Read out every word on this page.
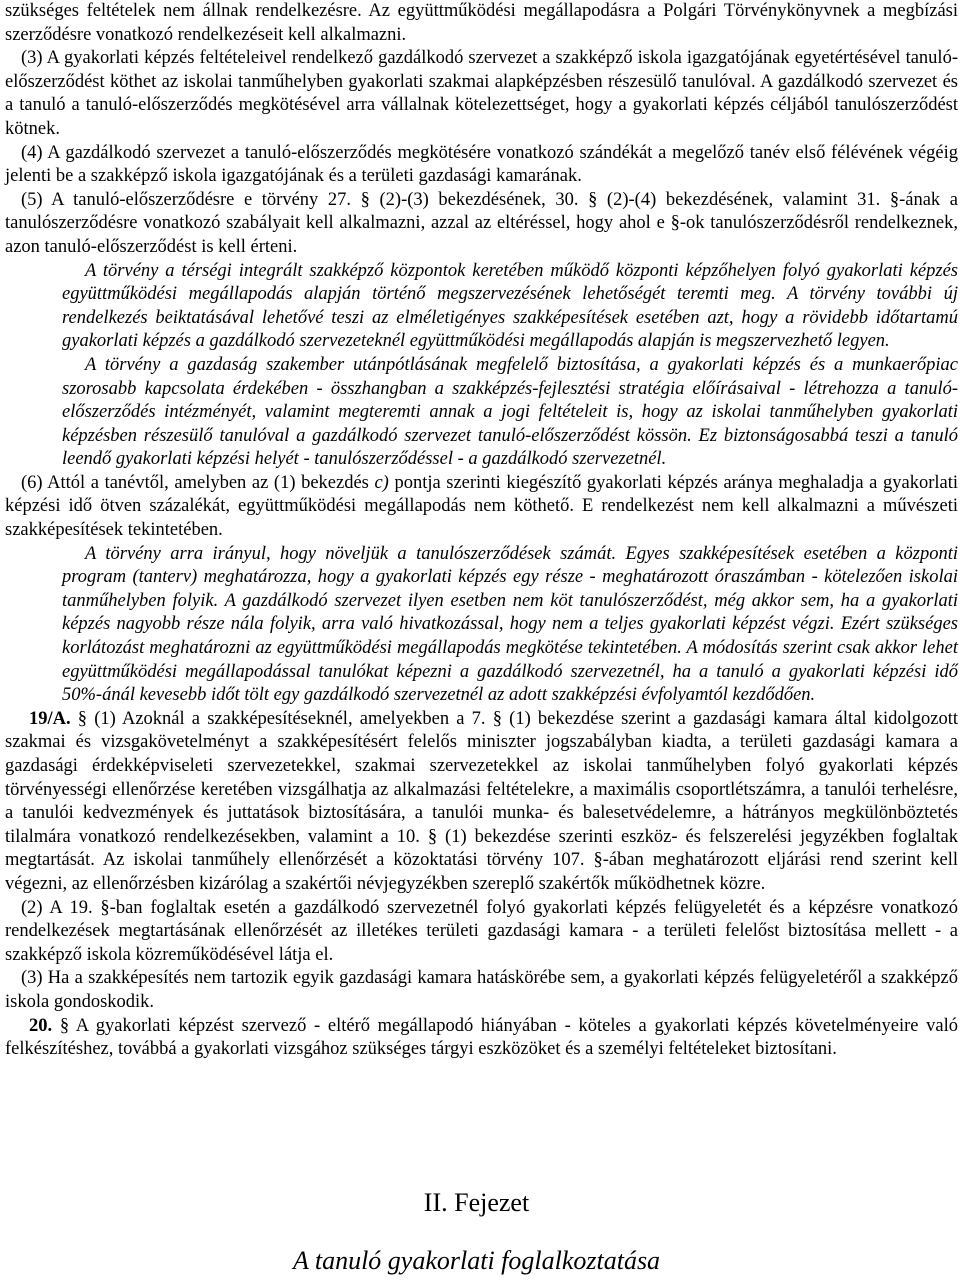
szükséges feltételek nem állnak rendelkezésre. Az együttműködési megállapodásra a Polgári Törvénykönyvnek a megbízási szerződésre vonatkozó rendelkezéseit kell alkalmazni.

(3) A gyakorlati képzés feltételeivel rendelkező gazdálkodó szervezet a szakképző iskola igazgatójának egyetértésével tanuló-előszerződést köthet az iskolai tanműhelyben gyakorlati szakmai alapképzésben részesülő tanulóval. A gazdálkodó szervezet és a tanuló a tanuló-előszerződés megkötésével arra vállalnak kötelezettséget, hogy a gyakorlati képzés céljából tanulószerződést kötnek.

(4) A gazdálkodó szervezet a tanuló-előszerződés megkötésére vonatkozó szándékát a megelőző tanév első félévének végéig jelenti be a szakképző iskola igazgatójának és a területi gazdasági kamarának.

(5) A tanuló-előszerződésre e törvény 27. § (2)-(3) bekezdésének, 30. § (2)-(4) bekezdésének, valamint 31. §-ának a tanulószerződésre vonatkozó szabályait kell alkalmazni, azzal az eltéréssel, hogy ahol e §-ok tanulószerződésről rendelkeznek, azon tanuló-előszerződést is kell érteni.

A törvény a térségi integrált szakképző központok keretében működő központi képzőhelyen folyó gyakorlati képzés együttműködési megállapodás alapján történő megszervezésének lehetőségét teremti meg. A törvény további új rendelkezés beiktatásával lehetővé teszi az elméletigényes szakképesítések esetében azt, hogy a rövidebb időtartamú gyakorlati képzés a gazdálkodó szervezeteknél együttműködési megállapodás alapján is megszervezhető legyen.

A törvény a gazdaság szakember utánpótlásának megfelelő biztosítása, a gyakorlati képzés és a munkaerőpiac szorosabb kapcsolata érdekében - összhangban a szakképzés-fejlesztési stratégia előírásaival - létrehozza a tanuló-előszerződés intézményét, valamint megteremti annak a jogi feltételeit is, hogy az iskolai tanműhelyben gyakorlati képzésben részesülő tanulóval a gazdálkodó szervezet tanuló-előszerződést kössön. Ez biztonságosabbá teszi a tanuló leendő gyakorlati képzési helyét - tanulószerződéssel - a gazdálkodó szervezetnél.

(6) Attól a tanévtől, amelyben az (1) bekezdés c) pontja szerinti kiegészítő gyakorlati képzés aránya meghaladja a gyakorlati képzési idő ötven százalékát, együttműködési megállapodás nem köthető. E rendelkezést nem kell alkalmazni a művészeti szakképesítések tekintetében.

A törvény arra irányul, hogy növeljük a tanulószerződések számát. Egyes szakképesítések esetében a központi program (tanterv) meghatározza, hogy a gyakorlati képzés egy része - meghatározott óraszámban - kötelezően iskolai tanműhelyben folyik. A gazdálkodó szervezet ilyen esetben nem köt tanulószerződést, még akkor sem, ha a gyakorlati képzés nagyobb része nála folyik, arra való hivatkozással, hogy nem a teljes gyakorlati képzést végzi. Ezért szükséges korlátozást meghatározni az együttműködési megállapodás megkötése tekintetében. A módosítás szerint csak akkor lehet együttműködési megállapodással tanulókat képezni a gazdálkodó szervezetnél, ha a tanuló a gyakorlati képzési idő 50%-ánál kevesebb időt tölt egy gazdálkodó szervezetnél az adott szakképzési évfolyamtól kezdődően.

19/A. § (1) Azoknál a szakképesítéseknél, amelyekben a 7. § (1) bekezdése szerint a gazdasági kamara által kidolgozott szakmai és vizsgakövetelményt a szakképesítésért felelős miniszter jogszabályban kiadta, a területi gazdasági kamara a gazdasági érdekképviseleti szervezetekkel, szakmai szervezetekkel az iskolai tanműhelyben folyó gyakorlati képzés törvényességi ellenőrzése keretében vizsgálhatja az alkalmazási feltételekre, a maximális csoportlétszámra, a tanulói terhelésre, a tanulói kedvezmények és juttatások biztosítására, a tanulói munka- és balesetvédelemre, a hátrányos megkülönböztetés tilalmára vonatkozó rendelkezésekben, valamint a 10. § (1) bekezdése szerinti eszköz- és felszerelési jegyzékben foglaltak megtartását. Az iskolai tanműhely ellenőrzését a közoktatási törvény 107. §-ában meghatározott eljárási rend szerint kell végezni, az ellenőrzésben kizárólag a szakértői névjegyzékben szereplő szakértők működhetnek közre.

(2) A 19. §-ban foglaltak esetén a gazdálkodó szervezetnél folyó gyakorlati képzés felügyeletét és a képzésre vonatkozó rendelkezések megtartásának ellenőrzését az illetékes területi gazdasági kamara - a területi felelőst biztosítása mellett - a szakképző iskola közreműködésével látja el.

(3) Ha a szakképesítés nem tartozik egyik gazdasági kamara hatáskörébe sem, a gyakorlati képzés felügyeletéről a szakképző iskola gondoskodik.

20. § A gyakorlati képzést szervező - eltérő megállapodó hiányában - köteles a gyakorlati képzés követelményeire való felkészítéshez, továbbá a gyakorlati vizsgához szükséges tárgyi eszközöket és a személyi feltételeket biztosítani.

II. Fejezet

A tanuló gyakorlati foglalkoztatása
